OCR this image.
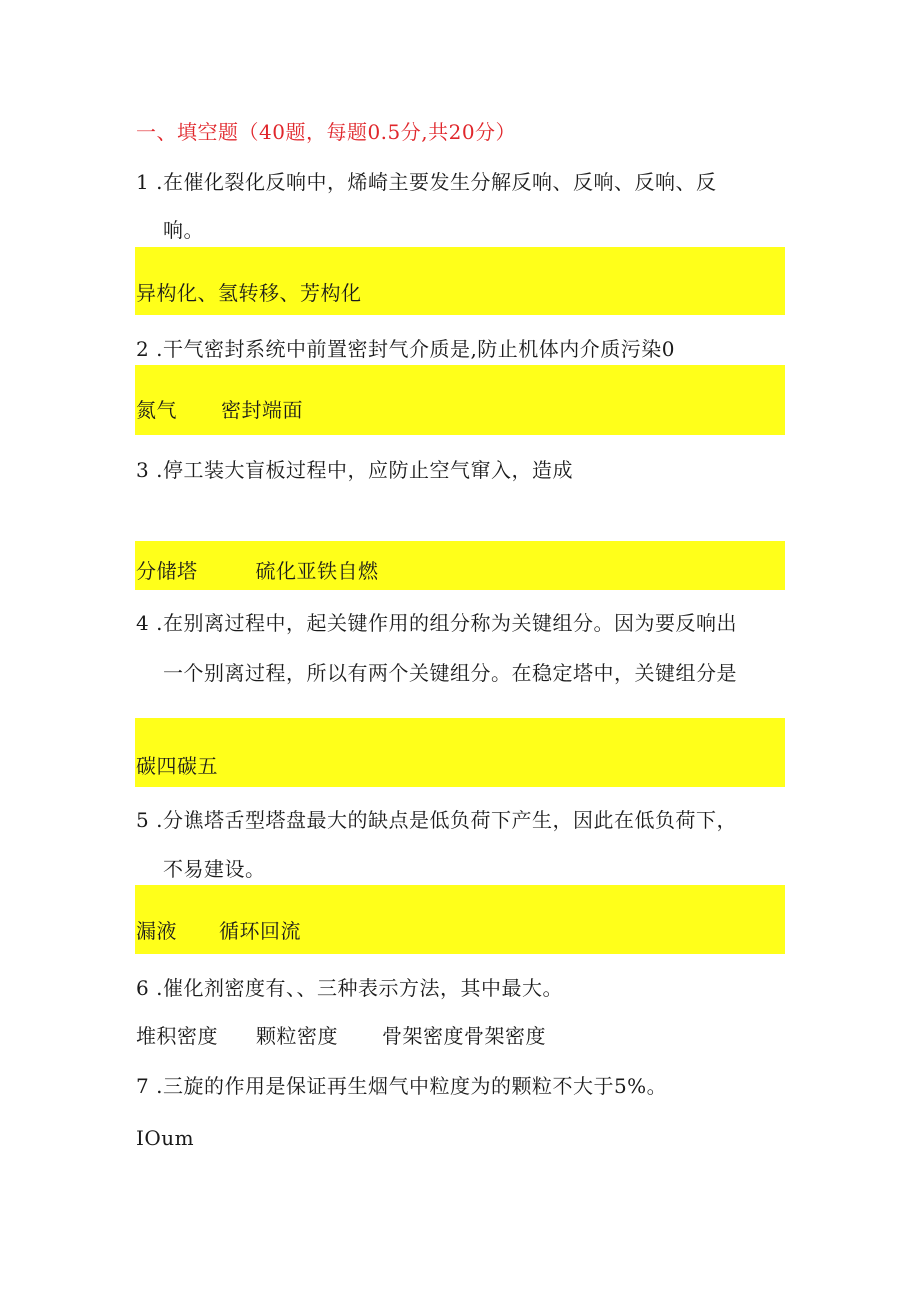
一、填空题（40题，每题0.5分,共20分）
1 .在催化裂化反响中，烯崎主要发生分解反响、反响、反响、反
响。
异构化、氢转移、芳构化
2 .干气密封系统中前置密封气介质是,防止机体内介质污染0
氮气 密封端面
3 .停工装大盲板过程中，应防止空气窜入，造成
分储塔	硫化亚铁自燃
4 .在别离过程中，起关键作用的组分称为关键组分。因为要反响出
一个别离过程，所以有两个关键组分。在稳定塔中，关键组分是
碳四碳五
5 .分谯塔舌型塔盘最大的缺点是低负荷下产生，因此在低负荷下，
不易建设。
漏液 循环回流
6 .催化剂密度有、、三种表示方法，其中最大。
堆积密度 颗粒密度 骨架密度骨架密度
7 .三旋的作用是保证再生烟气中粒度为的颗粒不大于5%。
IOum
